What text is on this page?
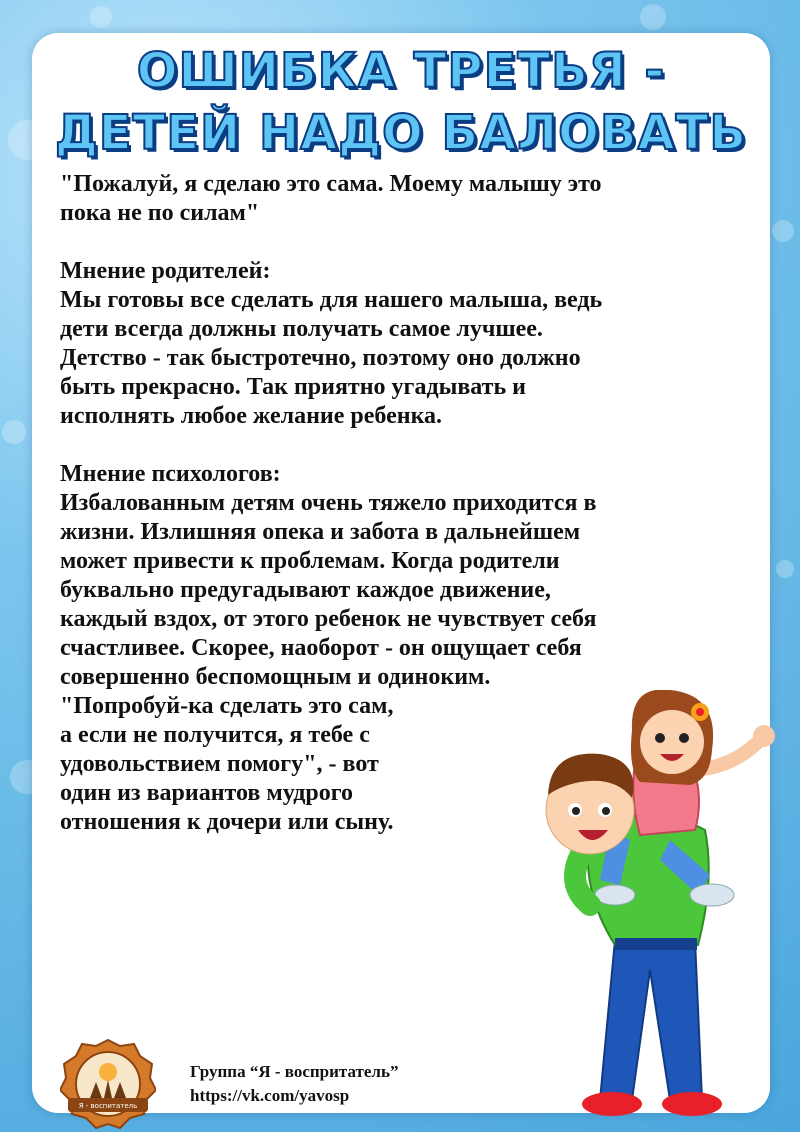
ОШИБКА ТРЕТЬЯ -
ДЕТЕЙ НАДО БАЛОВАТЬ

"Пожалуй, я сделаю это сама. Моему малышу это

пока не по силам"

Мнение родителей:

Мы готовы все сделать для нашего малыша, ведь

дети всегда должны получать самое лучшее.

Детство - так быстротечно, поэтому оно должно

быть прекрасно. Так приятно угадывать и

исполнять любое желание ребенка.

Мнение психологов:

Избалованным детям очень тяжело приходится в

жизни. Излишняя опека и забота в дальнейшем

может привести к проблемам. Когда родители

буквально предугадывают каждое движение,

каждый вздох, от этого ребенок не чувствует себя

счастливее. Скорее, наоборот - он ощущает себя

совершенно беспомощным и одиноким.

"Попробуй-ка сделать это сам,

а если не получится, я тебе с

удовольствием помогу", - вот

один из вариантов мудрого

отношения к дочери или сыну.

Я - воспитатель
Группа “Я - воспритатель”
https://vk.com/yavosp
